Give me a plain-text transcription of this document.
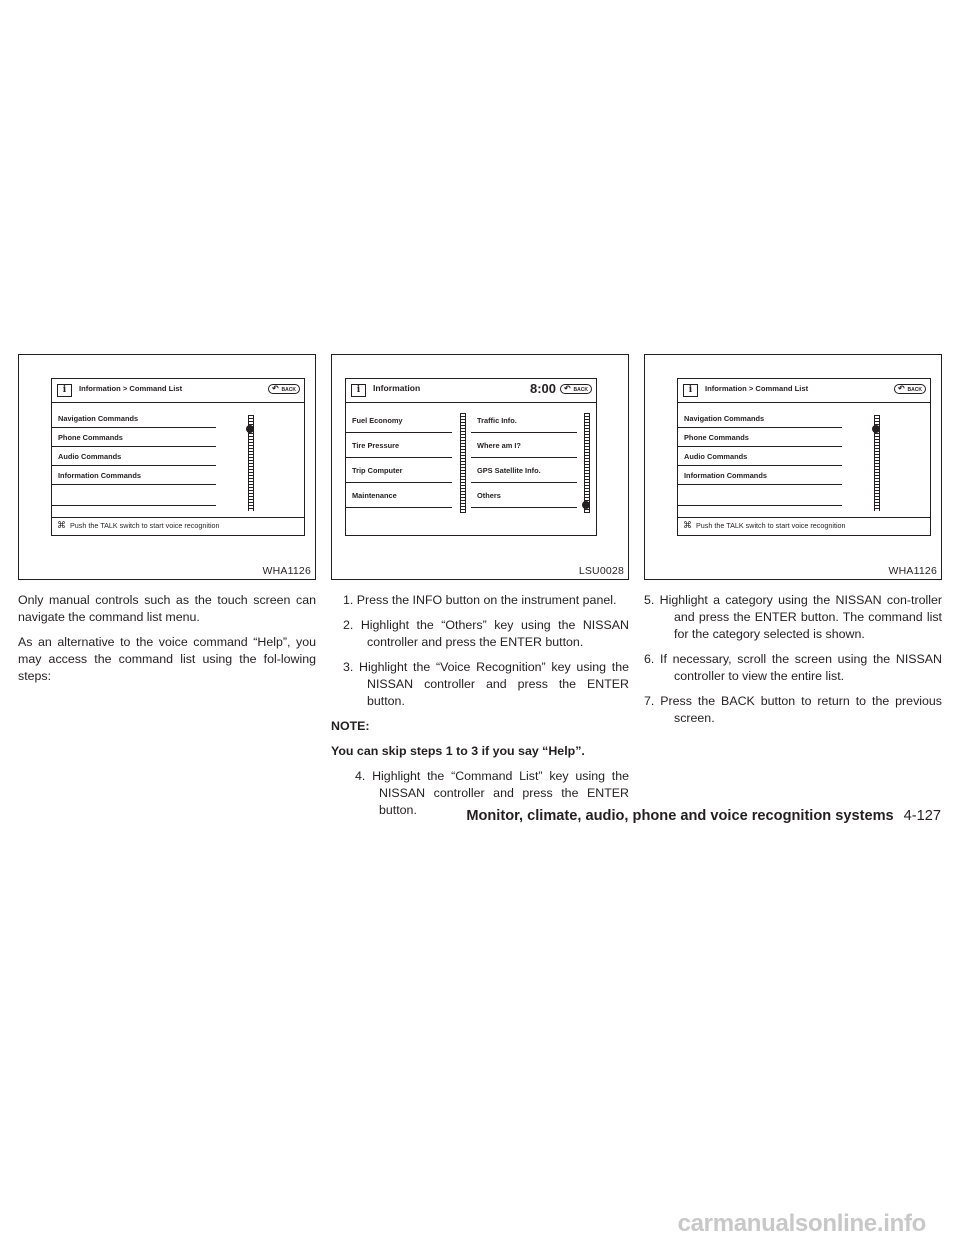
i	Information > Command List	↶ BACK
Navigation Commands
Phone Commands
Audio Commands
Information Commands
⌘ Push the TALK switch to start voice recognition
WHA1126
i	Information	8:00 ↶ BACK
Fuel Economy
Tire Pressure
Trip Computer
Maintenance
Traffic Info.
Where am I?
GPS Satellite Info.
Others
LSU0028
i	Information > Command List	↶ BACK
Navigation Commands
Phone Commands
Audio Commands
Information Commands
⌘ Push the TALK switch to start voice recognition
WHA1126

Only manual controls such as the touch screen can navigate the command list menu.

As an alternative to the voice command “Help”, you may access the command list using the fol-lowing steps:

1. Press the INFO button on the instrument panel.

2. Highlight the “Others” key using the NISSAN controller and press the ENTER button.

3. Highlight the “Voice Recognition” key using the NISSAN controller and press the ENTER button.

NOTE:

You can skip steps 1 to 3 if you say “Help”.

4. Highlight the “Command List” key using the NISSAN controller and press the ENTER button.

5. Highlight a category using the NISSAN con-troller and press the ENTER button. The command list for the category selected is shown.

6. If necessary, scroll the screen using the NISSAN controller to view the entire list.

7. Press the BACK button to return to the previous screen.

Monitor, climate, audio, phone and voice recognition systems 4-127
carmanualsonline.info
